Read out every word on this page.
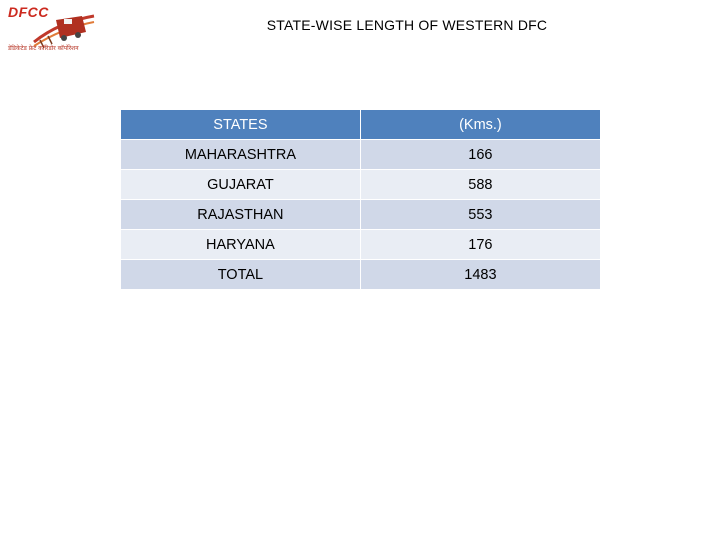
DFCC
डेडिकेटेड फ्रेट कॉरिडोर कॉर्पोरेशन
STATE-WISE LENGTH OF WESTERN DFC
STATES	(Kms.)
MAHARASHTRA	166
GUJARAT	588
RAJASTHAN	553
HARYANA	176
TOTAL	1483
